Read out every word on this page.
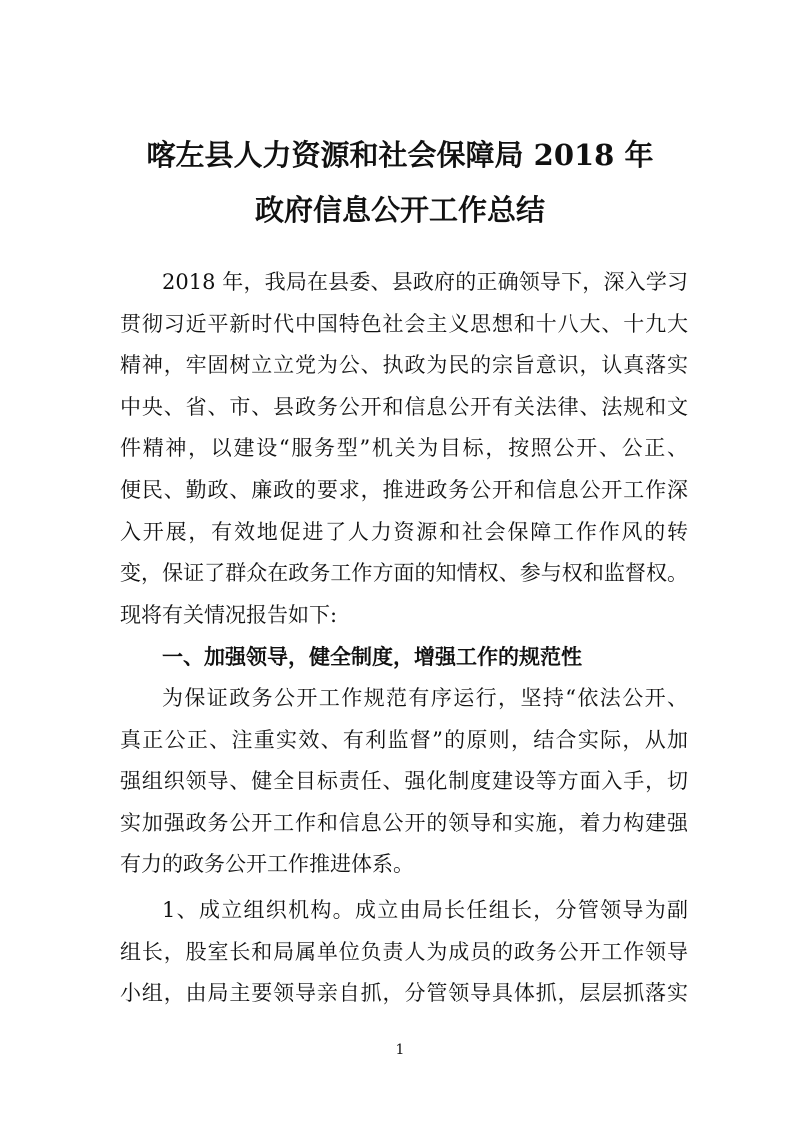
喀左县人力资源和社会保障局 2018 年
政府信息公开工作总结
2018 年，我局在县委、县政府的正确领导下，深入学习
贯彻习近平新时代中国特色社会主义思想和十八大、十九大
精神，牢固树立立党为公、执政为民的宗旨意识，认真落实
中央、省、市、县政务公开和信息公开有关法律、法规和文
件精神，以建设“服务型”机关为目标，按照公开、公正、
便民、勤政、廉政的要求，推进政务公开和信息公开工作深
入开展，有效地促进了人力资源和社会保障工作作风的转
变，保证了群众在政务工作方面的知情权、参与权和监督权。
现将有关情况报告如下:
一、加强领导，健全制度，增强工作的规范性
为保证政务公开工作规范有序运行，坚持“依法公开、
真正公正、注重实效、有利监督”的原则，结合实际，从加
强组织领导、健全目标责任、强化制度建设等方面入手，切
实加强政务公开工作和信息公开的领导和实施，着力构建强
有力的政务公开工作推进体系。
1、成立组织机构。成立由局长任组长，分管领导为副
组长，股室长和局属单位负责人为成员的政务公开工作领导
小组，由局主要领导亲自抓，分管领导具体抓，层层抓落实
1
